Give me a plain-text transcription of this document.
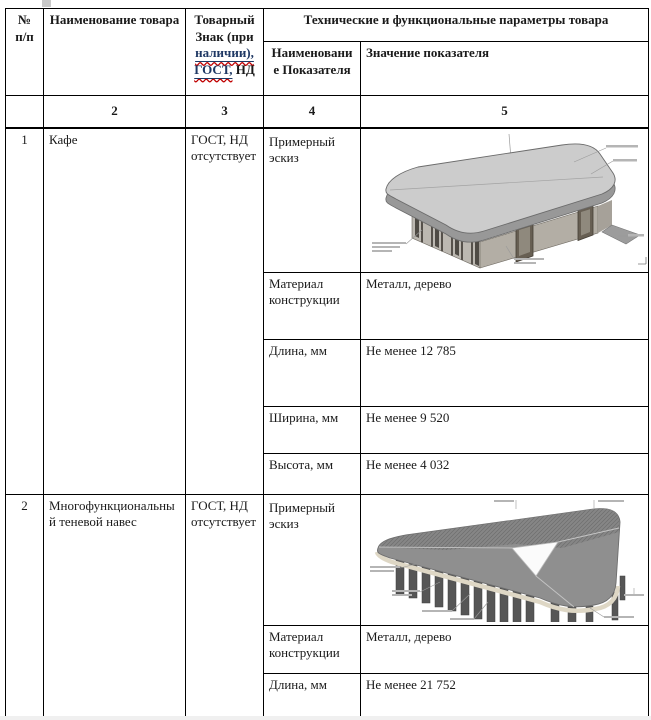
№ п/п	Наименование товара	Товарный Знак (при наличии), ГОСТ, НД	Технические и функциональные параметры товара	
			Наименование Показателя	Значение показателя
	2	3	4	5
1	Кафе	ГОСТ, НД отсутствует	Примерный эскиз	

			Материал конструкции	Металл, дерево
			Длина, мм	Не менее 12 785
			Ширина, мм	Не менее 9 520
			Высота, мм	Не менее 4 032
2	Многофункциональный теневой навес	ГОСТ, НД отсутствует	Примерный эскиз	

			Материал конструкции	Металл, дерево
			Длина, мм	Не менее 21 752
